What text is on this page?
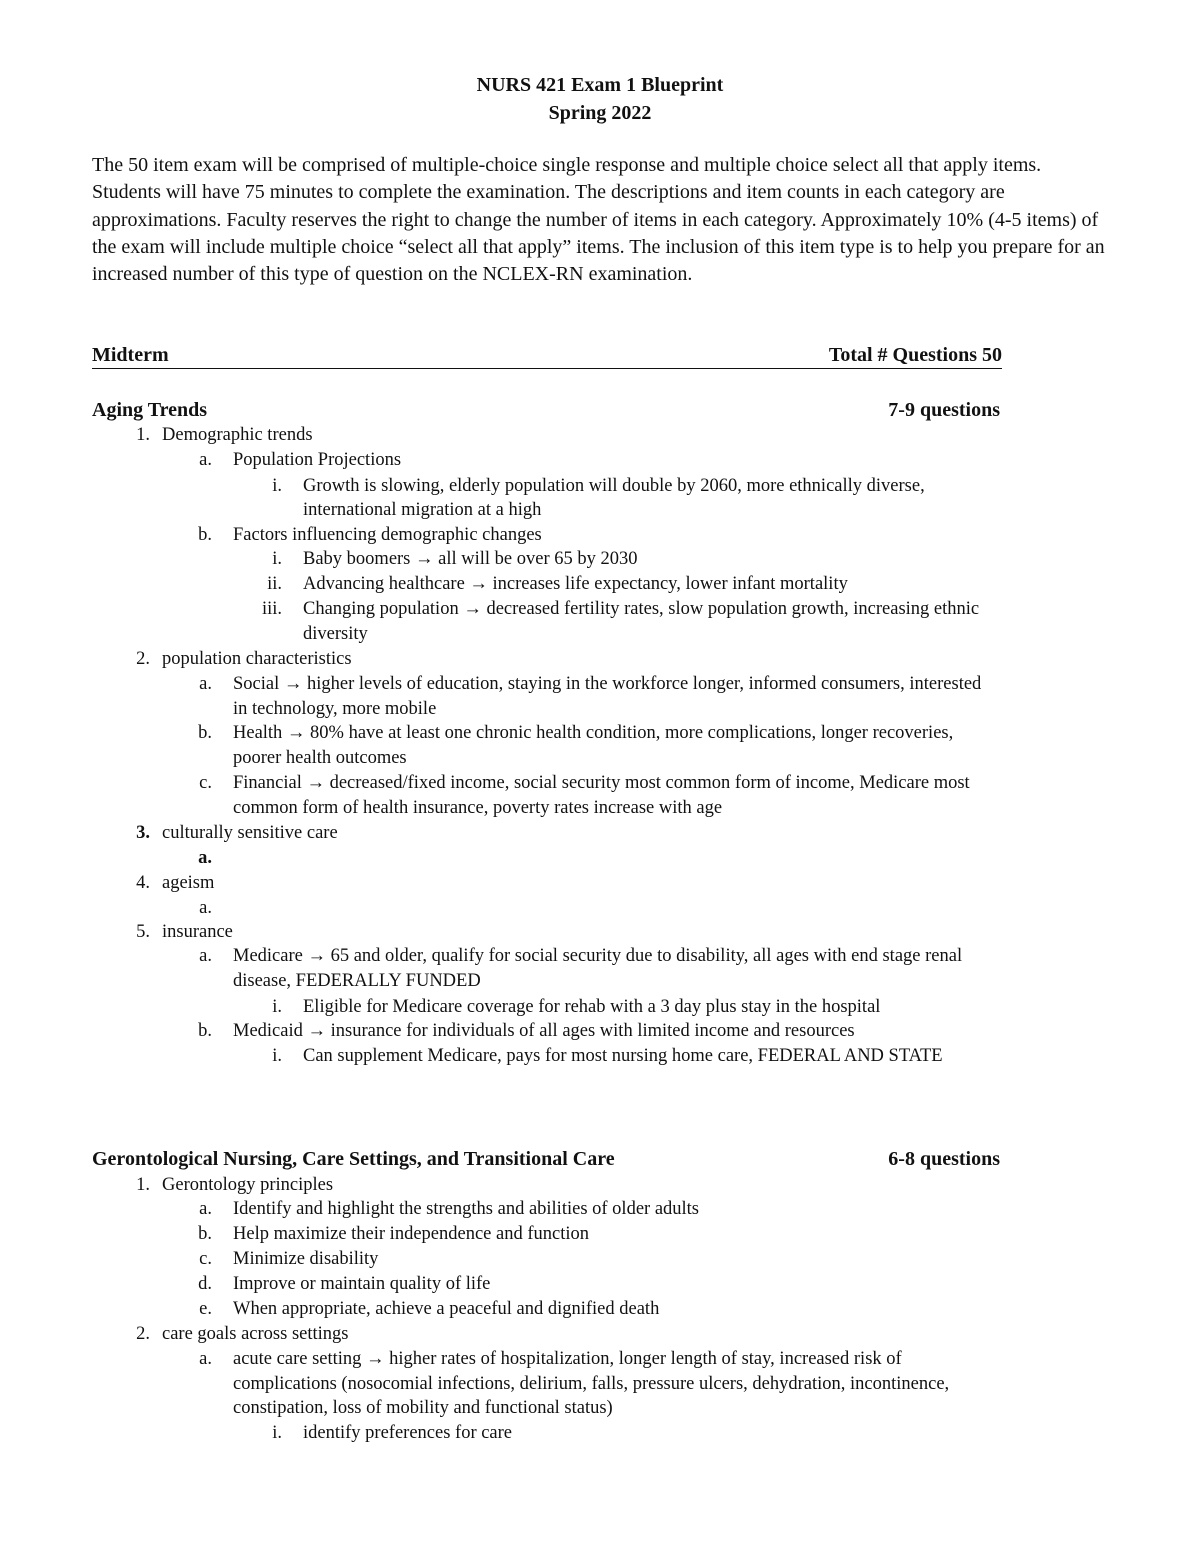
NURS 421 Exam 1 Blueprint
Spring 2022
The 50 item exam will be comprised of multiple-choice single response and multiple choice select all that apply items. Students will have 75 minutes to complete the examination. The descriptions and item counts in each category are approximations. Faculty reserves the right to change the number of items in each category. Approximately 10% (4-5 items) of the exam will include multiple choice “select all that apply” items. The inclusion of this item type is to help you prepare for an increased number of this type of question on the NCLEX-RN examination.
Midterm	Total # Questions 50
Aging Trends	7-9 questions
1. Demographic trends
a. Population Projections
i. Growth is slowing, elderly population will double by 2060, more ethnically diverse,
international migration at a high
b. Factors influencing demographic changes
i. Baby boomers → all will be over 65 by 2030
ii. Advancing healthcare → increases life expectancy, lower infant mortality
iii. Changing population → decreased fertility rates, slow population growth, increasing ethnic
diversity
2. population characteristics
a. Social → higher levels of education, staying in the workforce longer, informed consumers, interested
in technology, more mobile
b. Health → 80% have at least one chronic health condition, more complications, longer recoveries,
poorer health outcomes
c. Financial → decreased/fixed income, social security most common form of income, Medicare most
common form of health insurance, poverty rates increase with age
3. culturally sensitive care
a.
4. ageism
a.
5. insurance
a. Medicare → 65 and older, qualify for social security due to disability, all ages with end stage renal
disease, FEDERALLY FUNDED
i. Eligible for Medicare coverage for rehab with a 3 day plus stay in the hospital
b. Medicaid → insurance for individuals of all ages with limited income and resources
i. Can supplement Medicare, pays for most nursing home care, FEDERAL AND STATE
Gerontological Nursing, Care Settings, and Transitional Care	6-8 questions
1. Gerontology principles
a. Identify and highlight the strengths and abilities of older adults
b. Help maximize their independence and function
c. Minimize disability
d. Improve or maintain quality of life
e. When appropriate, achieve a peaceful and dignified death
2. care goals across settings
a. acute care setting → higher rates of hospitalization, longer length of stay, increased risk of
complications (nosocomial infections, delirium, falls, pressure ulcers, dehydration, incontinence,
constipation, loss of mobility and functional status)
i. identify preferences for care
